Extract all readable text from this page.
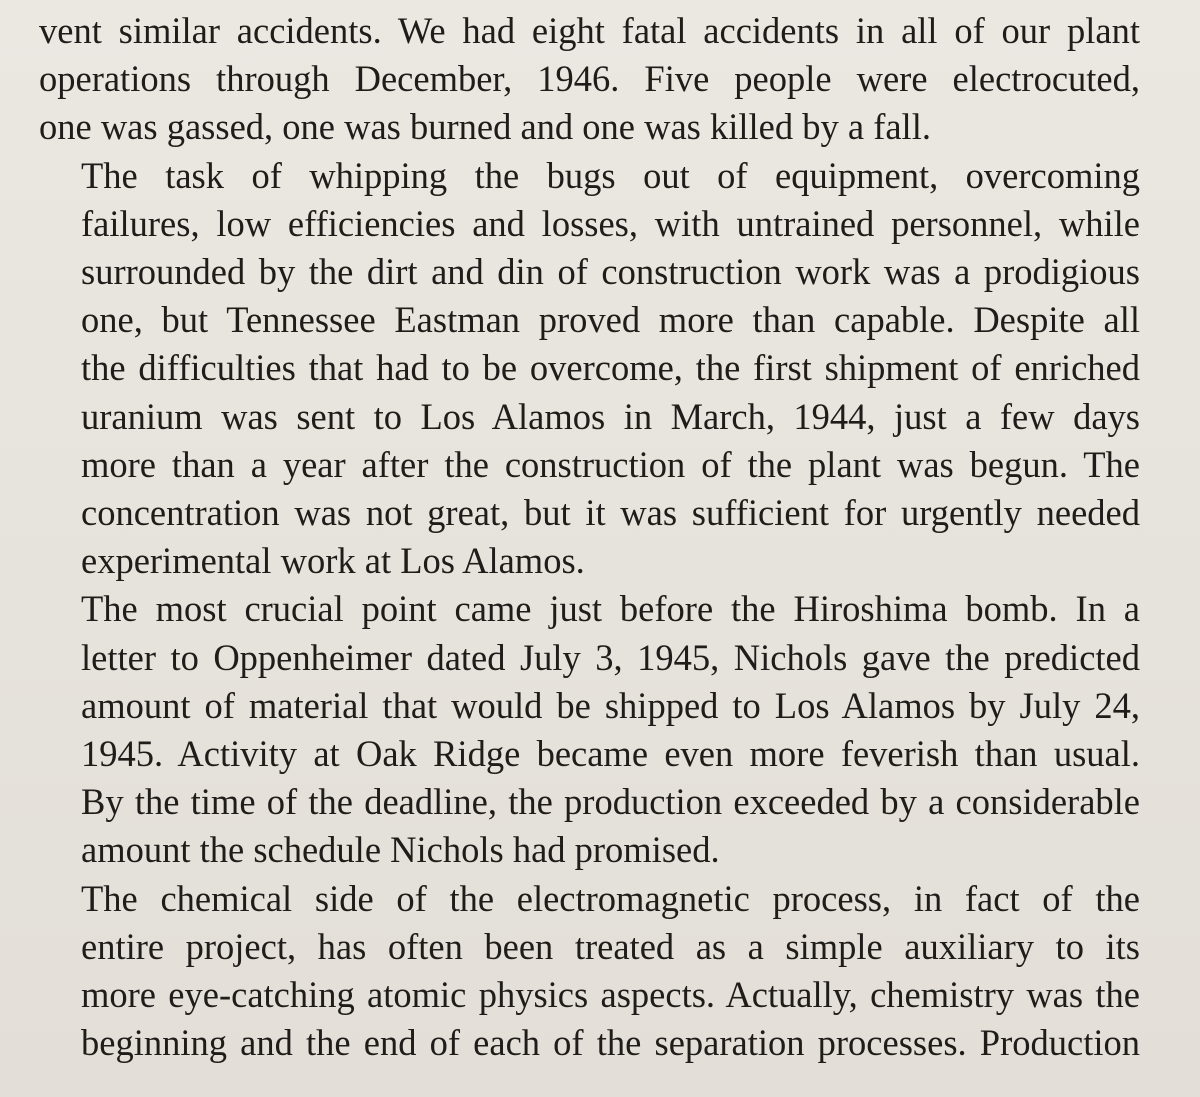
vent similar accidents. We had eight fatal accidents in all of our plant
operations through December, 1946. Five people were electrocuted,
one was gassed, one was burned and one was killed by a fall.

The task of whipping the bugs out of equipment, overcoming
failures, low efficiencies and losses, with untrained personnel, while
surrounded by the dirt and din of construction work was a prodigious
one, but Tennessee Eastman proved more than capable. Despite all
the difficulties that had to be overcome, the first shipment of enriched
uranium was sent to Los Alamos in March, 1944, just a few days
more than a year after the construction of the plant was begun. The
concentration was not great, but it was sufficient for urgently needed
experimental work at Los Alamos.

The most crucial point came just before the Hiroshima bomb. In a
letter to Oppenheimer dated July 3, 1945, Nichols gave the predicted
amount of material that would be shipped to Los Alamos by July 24,
1945. Activity at Oak Ridge became even more feverish than usual.
By the time of the deadline, the production exceeded by a considerable
amount the schedule Nichols had promised.

The chemical side of the electromagnetic process, in fact of the
entire project, has often been treated as a simple auxiliary to its
more eye-catching atomic physics aspects. Actually, chemistry was the
beginning and the end of each of the separation processes. Production
